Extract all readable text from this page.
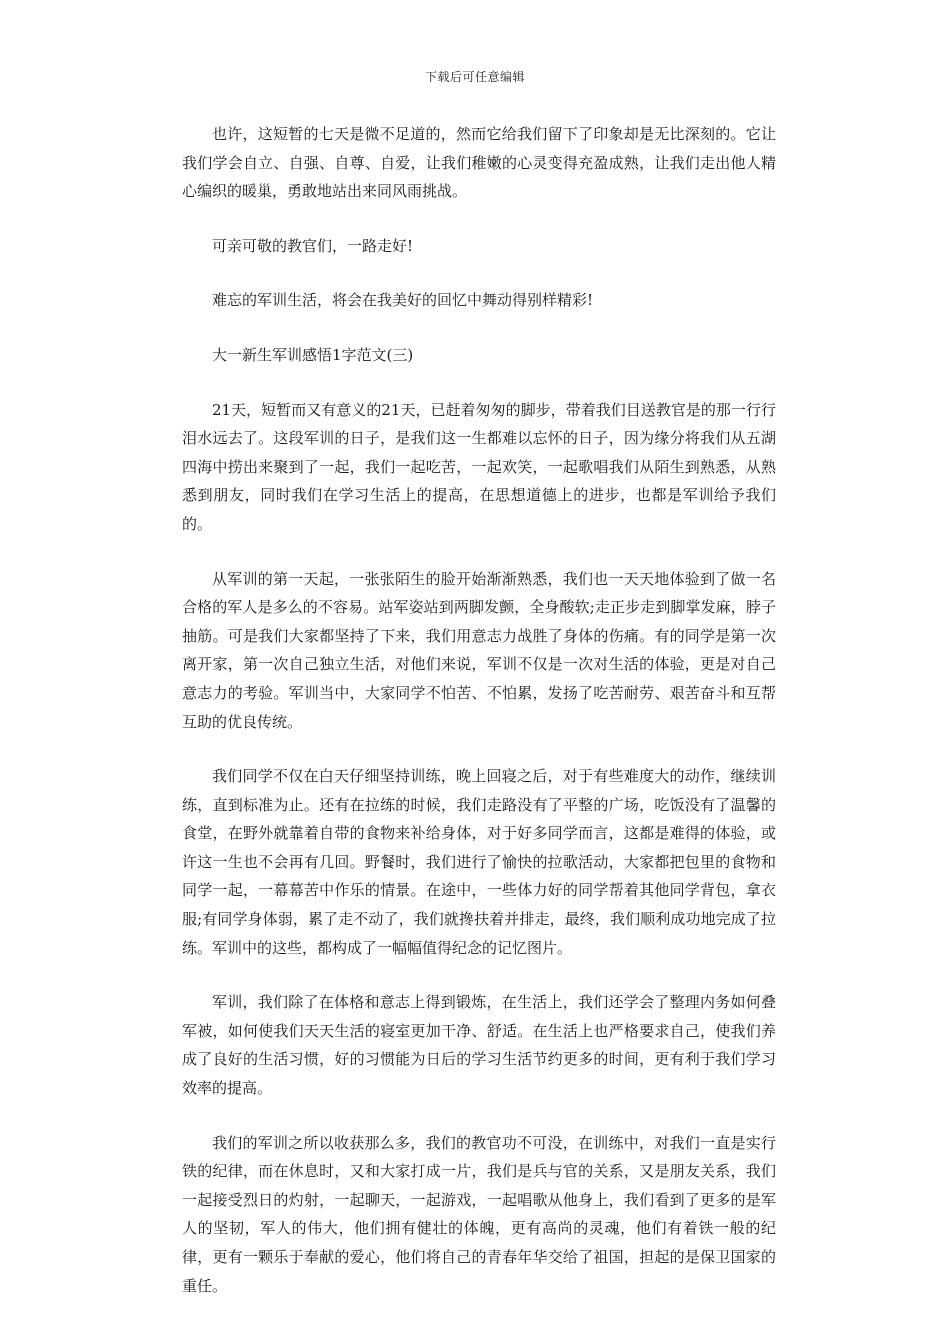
下载后可任意编辑

也许，这短暂的七天是微不足道的，然而它给我们留下了印象却是无比深刻的。它让我们学会自立、自强、自尊、自爱，让我们稚嫩的心灵变得充盈成熟，让我们走出他人精心编织的暖巢，勇敢地站出来同风雨挑战。

可亲可敬的教官们，一路走好!

难忘的军训生活，将会在我美好的回忆中舞动得别样精彩!

大一新生军训感悟1字范文(三)

21天，短暂而又有意义的21天，已赶着匆匆的脚步，带着我们目送教官是的那一行行泪水远去了。这段军训的日子，是我们这一生都难以忘怀的日子，因为缘分将我们从五湖四海中捞出来聚到了一起，我们一起吃苦，一起欢笑，一起歌唱我们从陌生到熟悉，从熟悉到朋友，同时我们在学习生活上的提高，在思想道德上的进步，也都是军训给予我们的。

从军训的第一天起，一张张陌生的脸开始渐渐熟悉，我们也一天天地体验到了做一名合格的军人是多么的不容易。站军姿站到两脚发颤，全身酸软;走正步走到脚掌发麻，脖子抽筋。可是我们大家都坚持了下来，我们用意志力战胜了身体的伤痛。有的同学是第一次离开家，第一次自己独立生活，对他们来说，军训不仅是一次对生活的体验，更是对自己意志力的考验。军训当中，大家同学不怕苦、不怕累，发扬了吃苦耐劳、艰苦奋斗和互帮互助的优良传统。

我们同学不仅在白天仔细坚持训练，晚上回寝之后，对于有些难度大的动作，继续训练，直到标准为止。还有在拉练的时候，我们走路没有了平整的广场，吃饭没有了温馨的食堂，在野外就靠着自带的食物来补给身体，对于好多同学而言，这都是难得的体验，或许这一生也不会再有几回。野餐时，我们进行了愉快的拉歌活动，大家都把包里的食物和同学一起，一幕幕苦中作乐的情景。在途中，一些体力好的同学帮着其他同学背包，拿衣服;有同学身体弱，累了走不动了，我们就搀扶着并排走，最终，我们顺利成功地完成了拉练。军训中的这些，都构成了一幅幅值得纪念的记忆图片。

军训，我们除了在体格和意志上得到锻炼，在生活上，我们还学会了整理内务如何叠军被，如何使我们天天生活的寝室更加干净、舒适。在生活上也严格要求自己，使我们养成了良好的生活习惯，好的习惯能为日后的学习生活节约更多的时间，更有利于我们学习效率的提高。

我们的军训之所以收获那么多，我们的教官功不可没，在训练中，对我们一直是实行铁的纪律，而在休息时，又和大家打成一片，我们是兵与官的关系，又是朋友关系，我们一起接受烈日的灼射，一起聊天，一起游戏，一起唱歌从他身上，我们看到了更多的是军人的坚韧，军人的伟大，他们拥有健壮的体魄，更有高尚的灵魂，他们有着铁一般的纪律，更有一颗乐于奉献的爱心，他们将自己的青春年华交给了祖国，担起的是保卫国家的重任。
